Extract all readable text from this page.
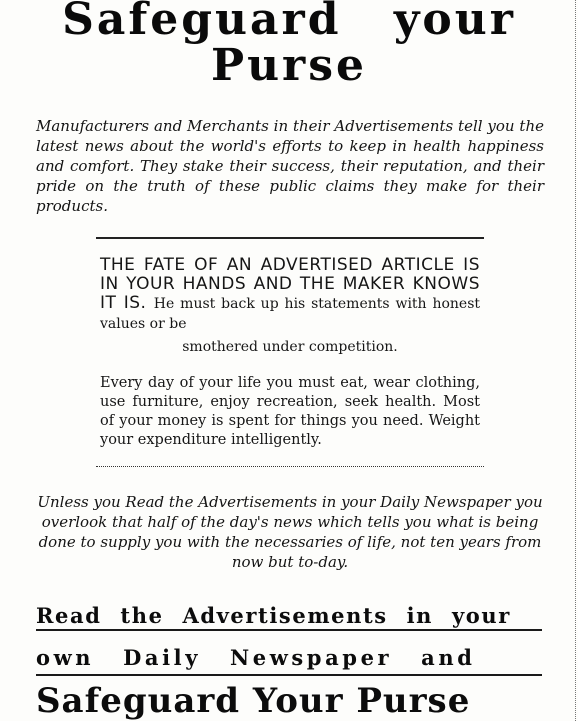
Safeguard your
Purse
Manufacturers and Merchants in their Advertisements tell you the latest news about the world's efforts to keep in health happiness and comfort. They stake their success, their reputation, and their pride on the truth of these public claims they make for their products.
THE FATE OF AN ADVERTISED ARTICLE IS IN YOUR HANDS AND THE MAKER KNOWS IT IS. He must back up his statements with honest values or be
smothered under competition.
Every day of your life you must eat, wear clothing, use furniture, enjoy recreation, seek health. Most of your money is spent for things you need. Weight your expenditure intelligently.
Unless you Read the Advertisements in your Daily Newspaper you overlook that half of the day's news which tells you what is being done to supply you with the necessaries of life, not ten years from now but to-day.
Read the Advertisements in your
own Daily Newspaper and
Safeguard Your Purse
